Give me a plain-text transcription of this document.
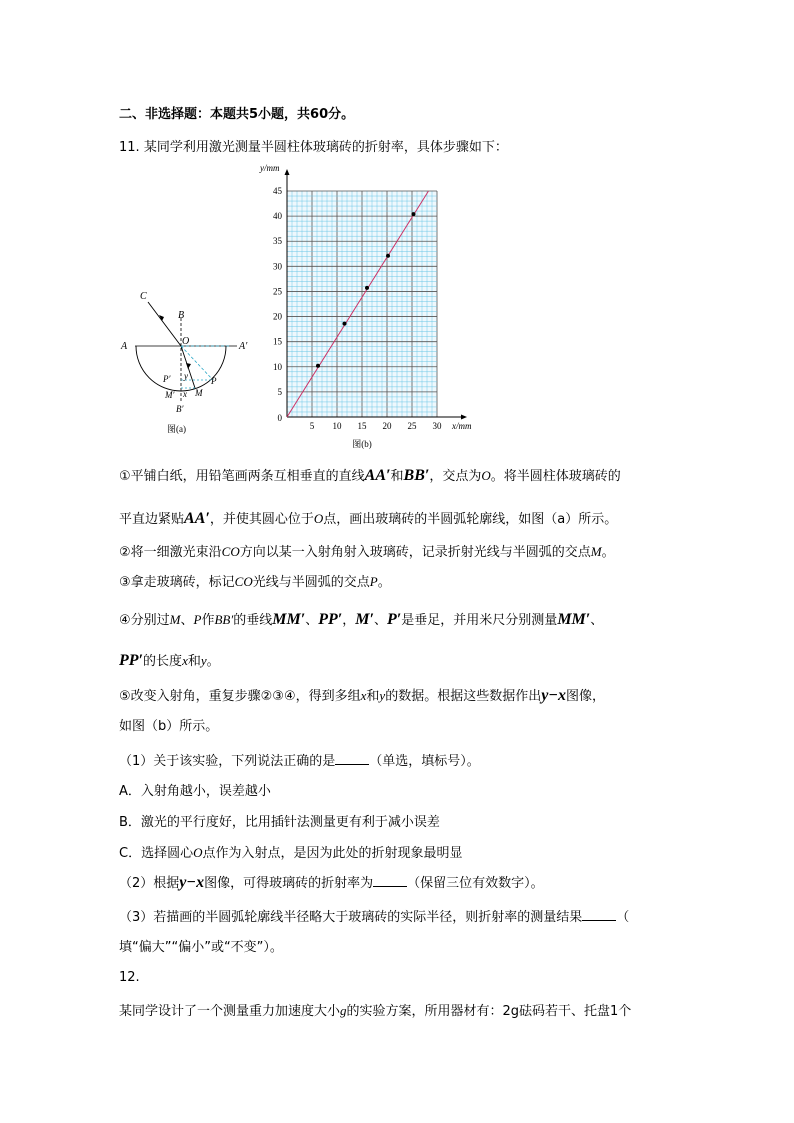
二、非选择题：本题共5小题，共60分。
11. 某同学利用激光测量半圆柱体玻璃砖的折射率，具体步骤如下：
C
B
O
A	A′
y
P′	P
M′ x M
B′
图(a)	5 10 15 20 25 30
5
10
15
20
25
30
35
40
45
0
x/mm
y/mm
图(b)
①平铺白纸，用铅笔画两条互相垂直的直线AA′和BB′，交点为O。将半圆柱体玻璃砖的
平直边紧贴AA′，并使其圆心位于O点，画出玻璃砖的半圆弧轮廓线，如图（a）所示。
②将一细激光束沿CO方向以某一入射角射入玻璃砖，记录折射光线与半圆弧的交点M。
③拿走玻璃砖，标记CO光线与半圆弧的交点P。
④分别过M、P作BB′的垂线MM′、PP′，M′、P′是垂足，并用米尺分别测量MM′、
PP′的长度x和y。
⑤改变入射角，重复步骤②③④，得到多组x和y的数据。根据这些数据作出y−x图像，
如图（b）所示。
（1）关于该实验，下列说法正确的是	（单选，填标号）。
A．入射角越小，误差越小
B．激光的平行度好，比用插针法测量更有利于减小误差
C．选择圆心O点作为入射点，是因为此处的折射现象最明显
（2）根据y−x图像，可得玻璃砖的折射率为	（保留三位有效数字）。
（3）若描画的半圆弧轮廓线半径略大于玻璃砖的实际半径，则折射率的测量结果	（
填“偏大”“偏小”或“不变”）。
12.
某同学设计了一个测量重力加速度大小g的实验方案，所用器材有：2g砝码若干、托盘1个
